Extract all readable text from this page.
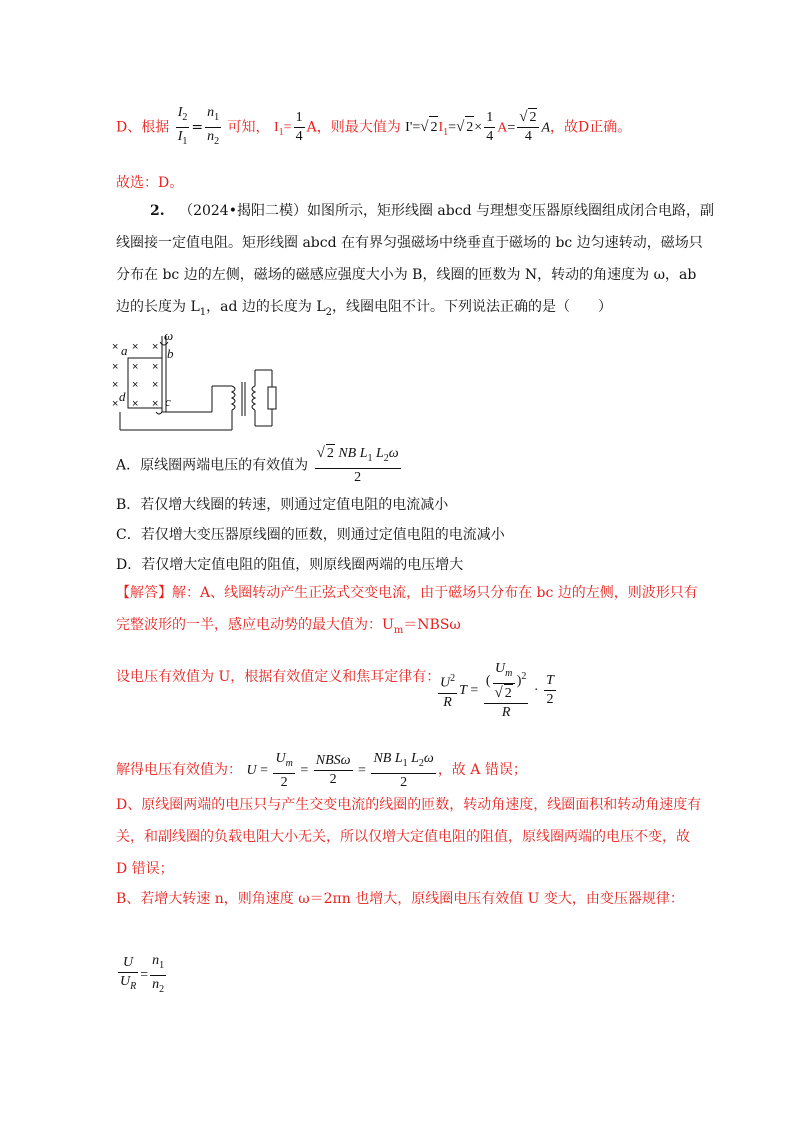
D、根据 $\frac{I_2}{I_1} = \frac{n_1}{n_2}$ 可知， $I_1= \frac{1}{4}$ A，则最大值为 I'=√ $2I_1=√$ $2\times \frac{1}{4} A= \frac{√ 2}{4}$ A，故D正确。
故选：D。
2. （2024•揭阳二模）如图所示，矩形线圈 abcd 与理想变压器原线圈组成闭合电路，副
线圈接一定值电阻。矩形线圈 abcd 在有界匀强磁场中绕垂直于磁场的 bc 边匀速转动，磁场只
分布在 bc 边的左侧，磁场的磁感应强度大小为 B，线圈的匝数为 N，转动的角速度为 ω，ab
边的长度为 $L_1$，ad 边的长度为 $L_2$，线圈电阻不计。下列说法正确的是（　　）
× × ×
×
×
× ×
× ×
× × ×
a	b
c
d
ω
A．原线圈两端电压的有效值为 $\frac{√ 2 NB L_1 L_2\omega}{2}$
B．若仅增大线圈的转速，则通过定值电阻的电流减小
C．若仅增大变压器原线圈的匝数，则通过定值电阻的电流减小
D．若仅增大定值电阻的阻值，则原线圈两端的电压增大
【解答】解：A、线圈转动产生正弦式交变电流，由于磁场只分布在 bc 边的左侧，则波形只有
完整波形的一半，感应电动势的最大值为：$U_m=NBS\omega$
设电压有效值为 U，根据有效值定义和焦耳定律有：
$\frac{U^2}{R}$ $T = \frac{( \frac{U_m}{√ 2} )^2}{R} \cdot \frac{T}{2}$
解得电压有效值为： $U = \frac{U_m}{2} = \frac{\text{NBSω}}{2} = \frac{NB L_1 L_2\omega}{2}$ ，故 A 错误；
D、原线圈两端的电压只与产生交变电流的线圈的匝数，转动角速度，线圈面积和转动角速度有
关，和副线圈的负载电阻大小无关，所以仅增大定值电阻的阻值，原线圈两端的电压不变，故
D 错误；
B、若增大转速 n，则角速度 ω＝2πn 也增大，原线圈电压有效值 U 变大，由变压器规律：
$\frac{U}{U_R} = \frac{n_1}{n_2}$
